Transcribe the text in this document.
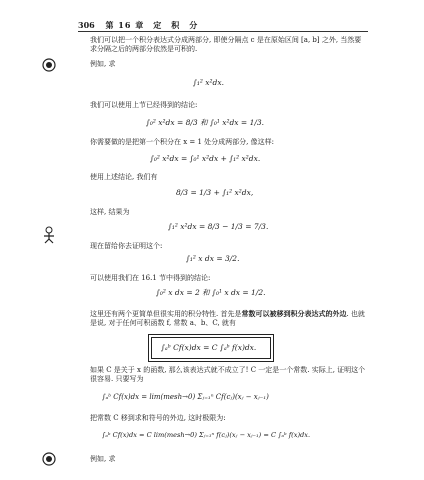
306 第 16 章　定　积　分
我们可以把一个积分表达式分成两部分, 即使分隔点 c 是在原始区间 [a, b] 之外, 当然要求分隔之后的两部分依然是可积的.
例如, 求
∫₁² x²dx.
我们可以使用上节已经得到的结论:
∫₀² x²dx = 8/3 和 ∫₀¹ x²dx = 1/3.
你需要做的是把第一个积分在 x = 1 处分成两部分, 像这样:
∫₀² x²dx = ∫₀¹ x²dx + ∫₁² x²dx.
使用上述结论, 我们有
8/3 = 1/3 + ∫₁² x²dx,
这样, 结果为
∫₁² x²dx = 8/3 − 1/3 = 7/3.
现在留给你去证明这个:
∫₁² x dx = 3/2.
可以使用我们在 16.1 节中得到的结论:
∫₀² x dx = 2 和 ∫₀¹ x dx = 1/2.
这里还有两个更简单但很实用的积分特性. 首先是常数可以被移到积分表达式的外边. 也就是说, 对于任何可积函数 f, 常数 a、b、C, 就有
∫ₐᵇ Cf(x)dx = C ∫ₐᵇ f(x)dx.
如果 C 是关于 x 的函数, 那么该表达式就不成立了! C 一定是一个常数. 实际上, 证明这个很容易. 只要写为
∫ₐᵇ Cf(x)dx = lim(mesh→0) Σⱼ₌₁ⁿ Cf(cⱼ)(xⱼ − xⱼ₋₁)
把常数 C 移到求和符号的外边, 这时极限为:
∫ₐᵇ Cf(x)dx = C lim(mesh→0) Σⱼ₌₁ⁿ f(cⱼ)(xⱼ − xⱼ₋₁) = C ∫ₐᵇ f(x)dx.
例如, 求
